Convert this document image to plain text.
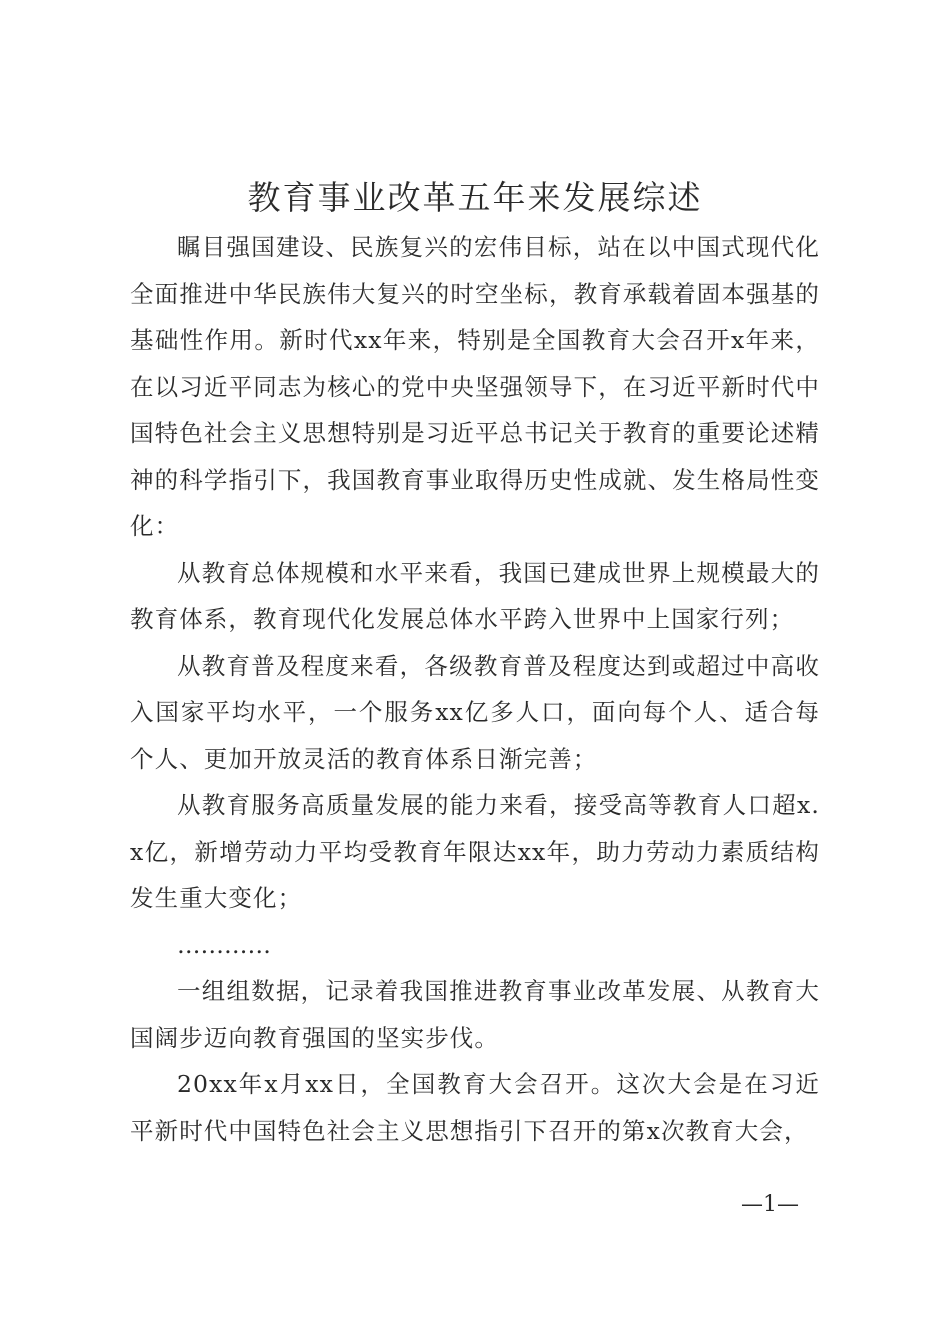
教育事业改革五年来发展综述

瞩目强国建设、民族复兴的宏伟目标，站在以中国式现代化全面推进中华民族伟大复兴的时空坐标，教育承载着固本强基的基础性作用。新时代xx年来，特别是全国教育大会召开x年来，在以习近平同志为核心的党中央坚强领导下，在习近平新时代中国特色社会主义思想特别是习近平总书记关于教育的重要论述精神的科学指引下，我国教育事业取得历史性成就、发生格局性变化：

从教育总体规模和水平来看，我国已建成世界上规模最大的教育体系，教育现代化发展总体水平跨入世界中上国家行列；

从教育普及程度来看，各级教育普及程度达到或超过中高收入国家平均水平，一个服务xx亿多人口，面向每个人、适合每个人、更加开放灵活的教育体系日渐完善；

从教育服务高质量发展的能力来看，接受高等教育人口超x.x亿，新增劳动力平均受教育年限达xx年，助力劳动力素质结构发生重大变化；

…………

一组组数据，记录着我国推进教育事业改革发展、从教育大国阔步迈向教育强国的坚实步伐。

20xx年x月xx日，全国教育大会召开。这次大会是在习近平新时代中国特色社会主义思想指引下召开的第x次教育大会，

—1—
